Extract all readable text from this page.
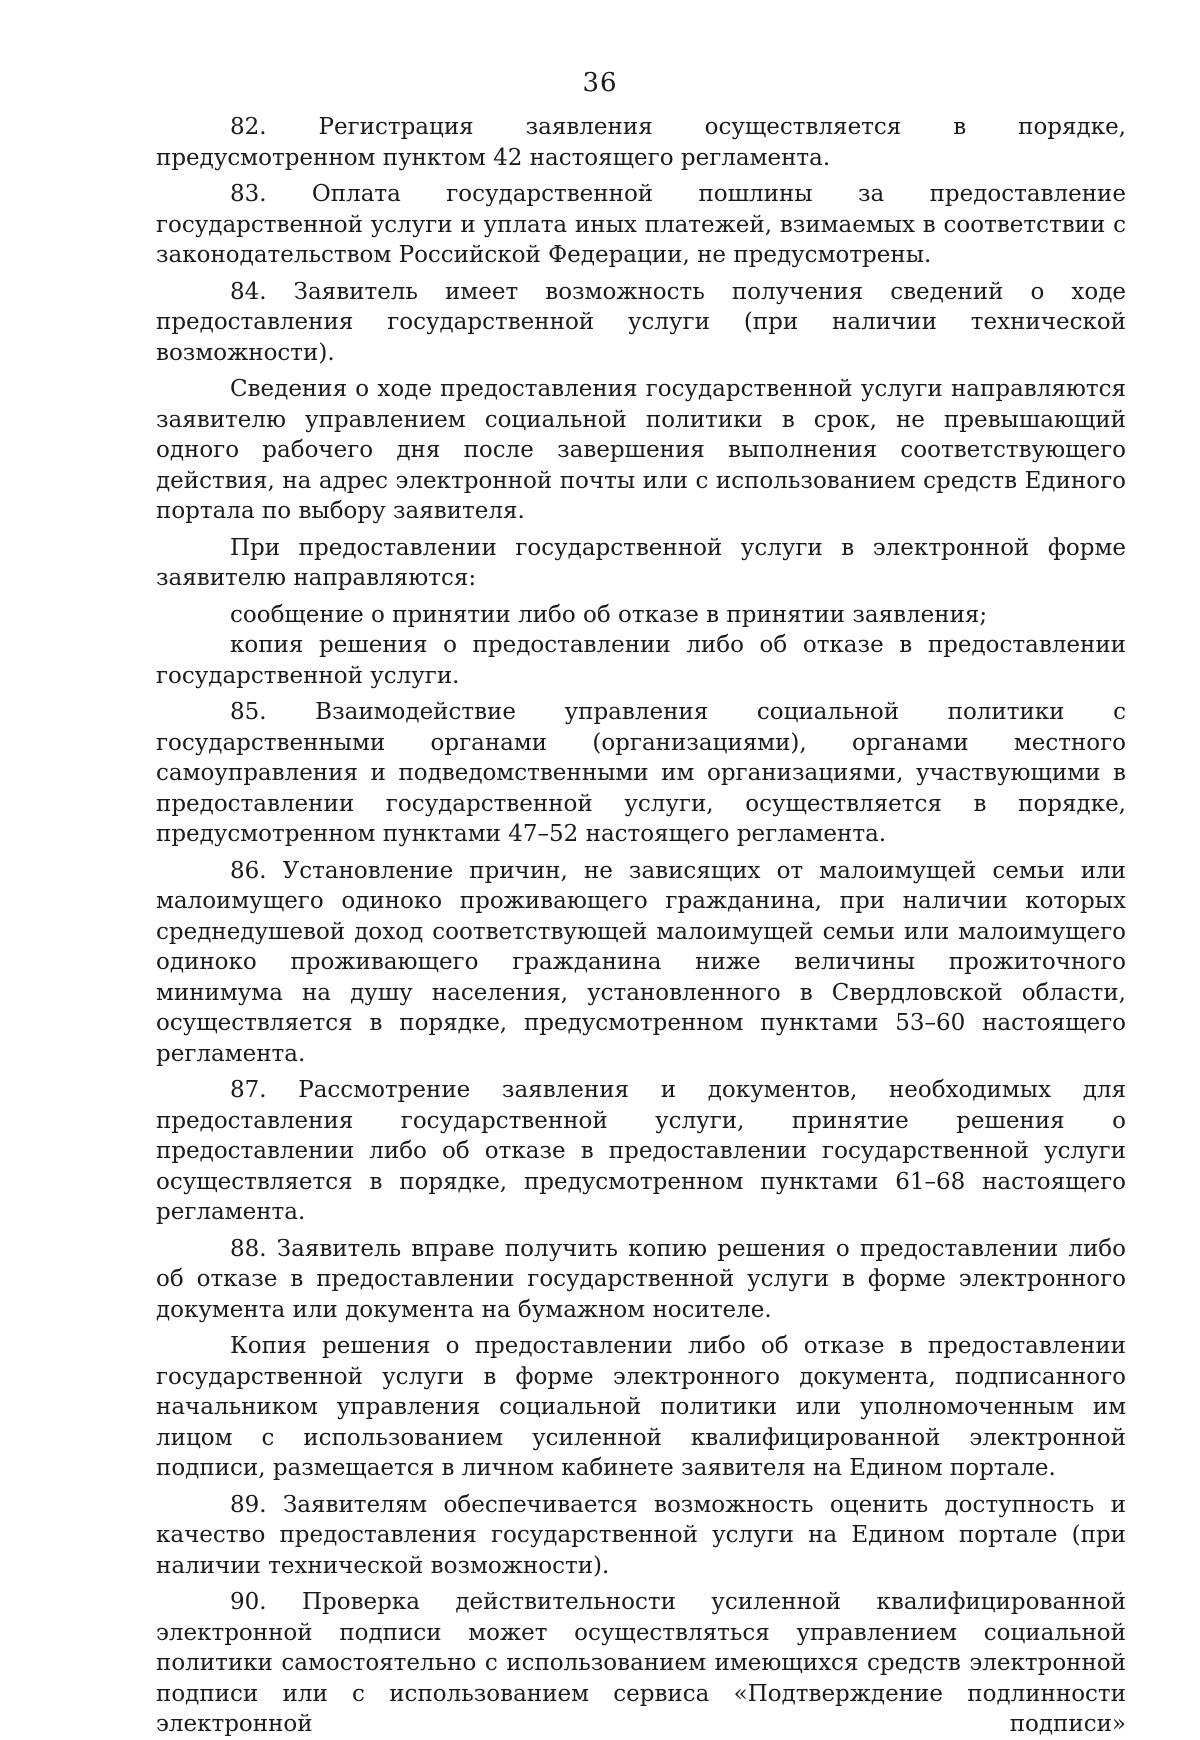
36

82. Регистрация заявления осуществляется в порядке, предусмотренном пунктом 42 настоящего регламента.

83. Оплата государственной пошлины за предоставление государственной услуги и уплата иных платежей, взимаемых в соответствии с законодательством Российской Федерации, не предусмотрены.

84. Заявитель имеет возможность получения сведений о ходе предоставления государственной услуги (при наличии технической возможности).

Сведения о ходе предоставления государственной услуги направляются заявителю управлением социальной политики в срок, не превышающий одного рабочего дня после завершения выполнения соответствующего действия, на адрес электронной почты или с использованием средств Единого портала по выбору заявителя.

При предоставлении государственной услуги в электронной форме заявителю направляются:

сообщение о принятии либо об отказе в принятии заявления;

копия решения о предоставлении либо об отказе в предоставлении государственной услуги.

85. Взаимодействие управления социальной политики с государственными органами (организациями), органами местного самоуправления и подведомственными им организациями, участвующими в предоставлении государственной услуги, осуществляется в порядке, предусмотренном пунктами 47–52 настоящего регламента.

86. Установление причин, не зависящих от малоимущей семьи или малоимущего одиноко проживающего гражданина, при наличии которых среднедушевой доход соответствующей малоимущей семьи или малоимущего одиноко проживающего гражданина ниже величины прожиточного минимума на душу населения, установленного в Свердловской области, осуществляется в порядке, предусмотренном пунктами 53–60 настоящего регламента.

87. Рассмотрение заявления и документов, необходимых для предоставления государственной услуги, принятие решения о предоставлении либо об отказе в предоставлении государственной услуги осуществляется в порядке, предусмотренном пунктами 61–68 настоящего регламента.

88. Заявитель вправе получить копию решения о предоставлении либо об отказе в предоставлении государственной услуги в форме электронного документа или документа на бумажном носителе.

Копия решения о предоставлении либо об отказе в предоставлении государственной услуги в форме электронного документа, подписанного начальником управления социальной политики или уполномоченным им лицом с использованием усиленной квалифицированной электронной подписи, размещается в личном кабинете заявителя на Едином портале.

89. Заявителям обеспечивается возможность оценить доступность и качество предоставления государственной услуги на Едином портале (при наличии технической возможности).

90. Проверка действительности усиленной квалифицированной электронной подписи может осуществляться управлением социальной политики самостоятельно с использованием имеющихся средств электронной подписи или с использованием сервиса «Подтверждение подлинности электронной подписи»
